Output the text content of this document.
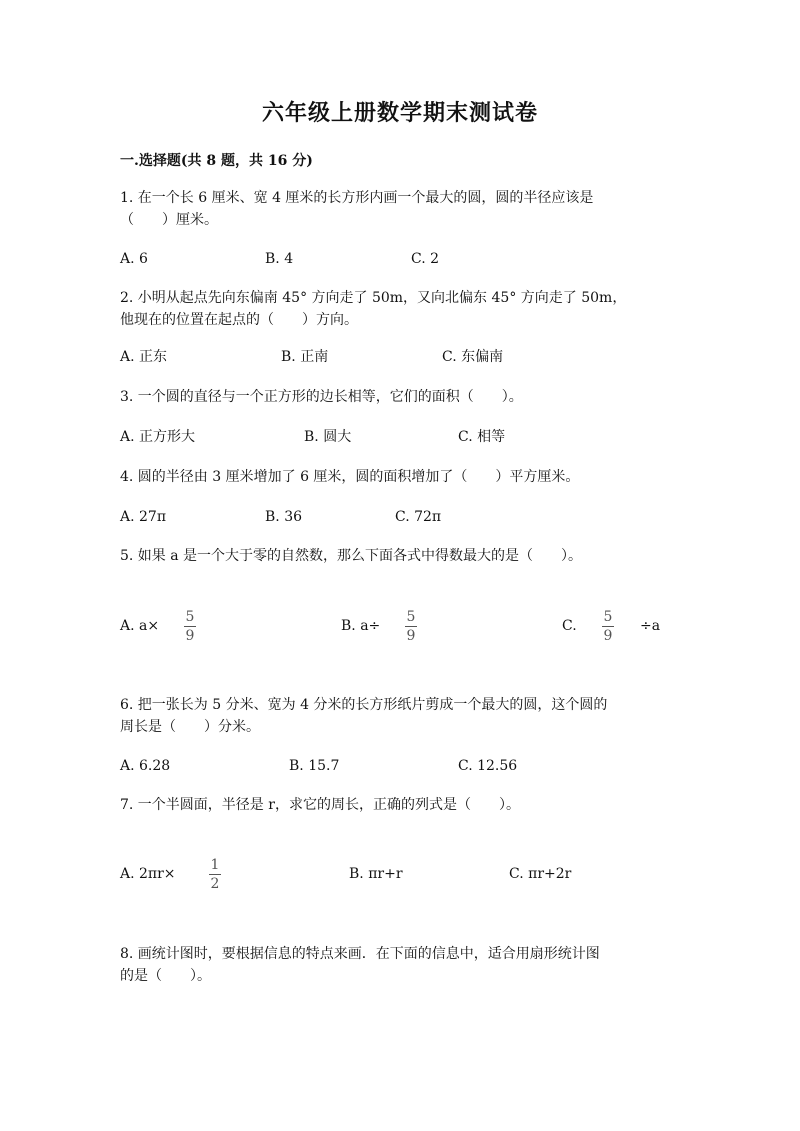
六年级上册数学期末测试卷
一.选择题(共 8 题，共 16 分)
1. 在一个长 6 厘米、宽 4 厘米的长方形内画一个最大的圆，圆的半径应该是
（　　）厘米。
A. 6	B. 4	C. 2
2. 小明从起点先向东偏南 45° 方向走了 50m，又向北偏东 45° 方向走了 50m，
他现在的位置在起点的（　　）方向。
A. 正东	B. 正南	C. 东偏南
3. 一个圆的直径与一个正方形的边长相等，它们的面积（　　）。
A. 正方形大	B. 圆大	C. 相等
4. 圆的半径由 3 厘米增加了 6 厘米，圆的面积增加了（　　）平方厘米。
A. 27π	B. 36	C. 72π
5. 如果 a 是一个大于零的自然数，那么下面各式中得数最大的是（　　）。
A. a×
5
9
B. a÷
5
9
C.
5
9
÷a
6. 把一张长为 5 分米、宽为 4 分米的长方形纸片剪成一个最大的圆，这个圆的
周长是（　　）分米。
A. 6.28	B. 15.7	C. 12.56
7. 一个半圆面，半径是 r，求它的周长，正确的列式是（　　）。
A. 2πr×
1
2
B. πr+r	C. πr+2r
8. 画统计图时，要根据信息的特点来画．在下面的信息中，适合用扇形统计图
的是（　　）。
